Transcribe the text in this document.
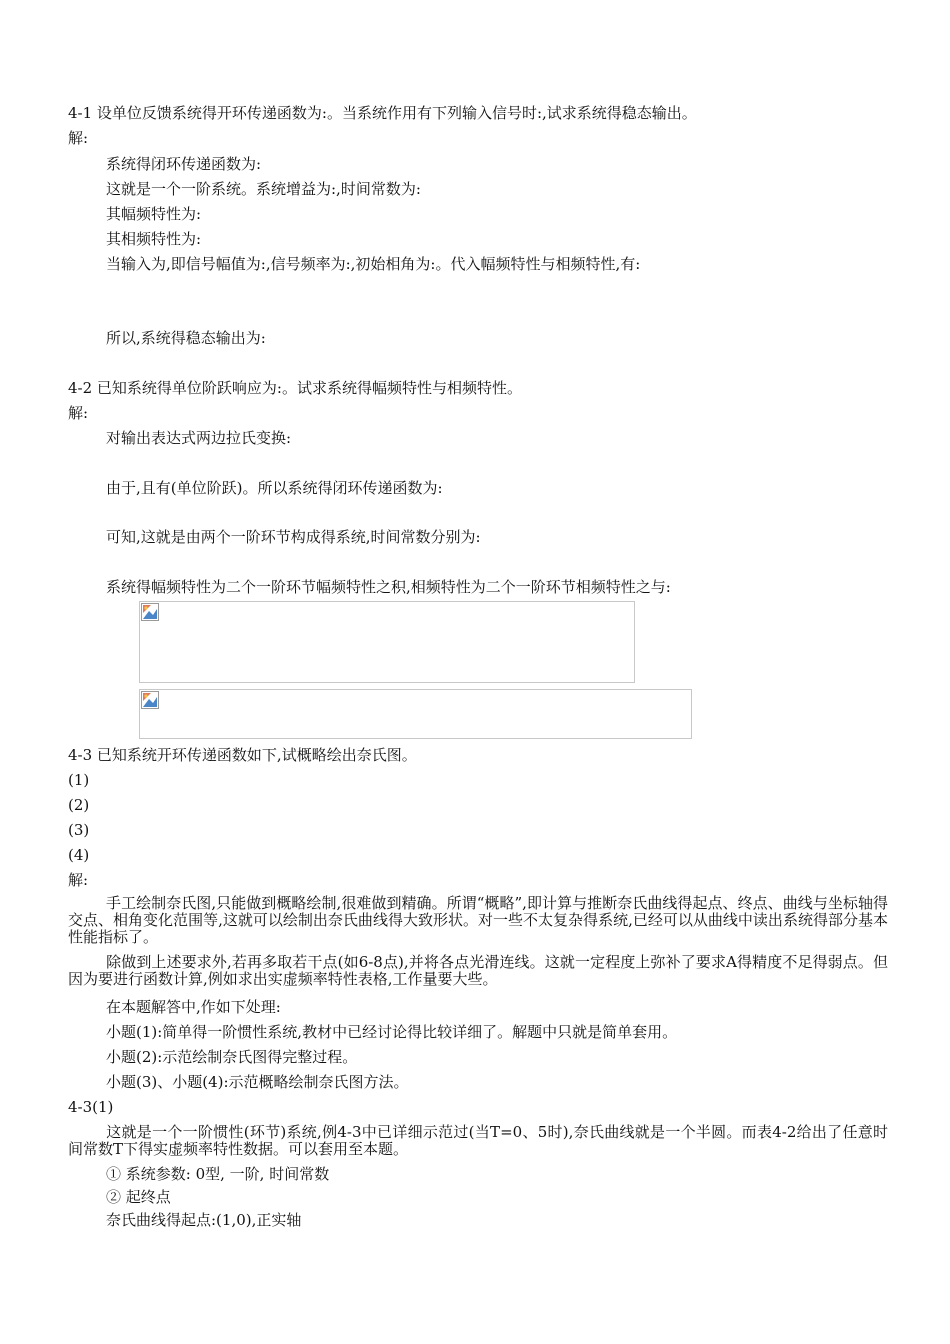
4-1 设单位反馈系统得开环传递函数为:。当系统作用有下列输入信号时:,试求系统得稳态输出。
解:
系统得闭环传递函数为:
这就是一个一阶系统。系统增益为:,时间常数为:
其幅频特性为:
其相频特性为:
当输入为,即信号幅值为:,信号频率为:,初始相角为:。代入幅频特性与相频特性,有:
所以,系统得稳态输出为:
4-2 已知系统得单位阶跃响应为:。试求系统得幅频特性与相频特性。
解:
对输出表达式两边拉氏变换:
由于,且有(单位阶跃)。所以系统得闭环传递函数为:
可知,这就是由两个一阶环节构成得系统,时间常数分别为:
系统得幅频特性为二个一阶环节幅频特性之积,相频特性为二个一阶环节相频特性之与:
4-3 已知系统开环传递函数如下,试概略绘出奈氏图。
(1)
(2)
(3)
(4)
解:
手工绘制奈氏图,只能做到概略绘制,很难做到精确。所谓“概略”,即计算与推断奈氏曲线得起点、终点、曲线与坐标轴得交点、相角变化范围等,这就可以绘制出奈氏曲线得大致形状。对一些不太复杂得系统,已经可以从曲线中读出系统得部分基本性能指标了。
除做到上述要求外,若再多取若干点(如6-8点),并将各点光滑连线。这就一定程度上弥补了要求A得精度不足得弱点。但因为要进行函数计算,例如求出实虚频率特性表格,工作量要大些。
在本题解答中,作如下处理:
小题(1):简单得一阶惯性系统,教材中已经讨论得比较详细了。解题中只就是简单套用。
小题(2):示范绘制奈氏图得完整过程。
小题(3)、小题(4):示范概略绘制奈氏图方法。
4-3(1)
这就是一个一阶惯性(环节)系统,例4-3中已详细示范过(当T=0、5时),奈氏曲线就是一个半圆。而表4-2给出了任意时间常数T下得实虚频率特性数据。可以套用至本题。
① 系统参数: 0型, 一阶, 时间常数
② 起终点
奈氏曲线得起点:(1,0),正实轴
